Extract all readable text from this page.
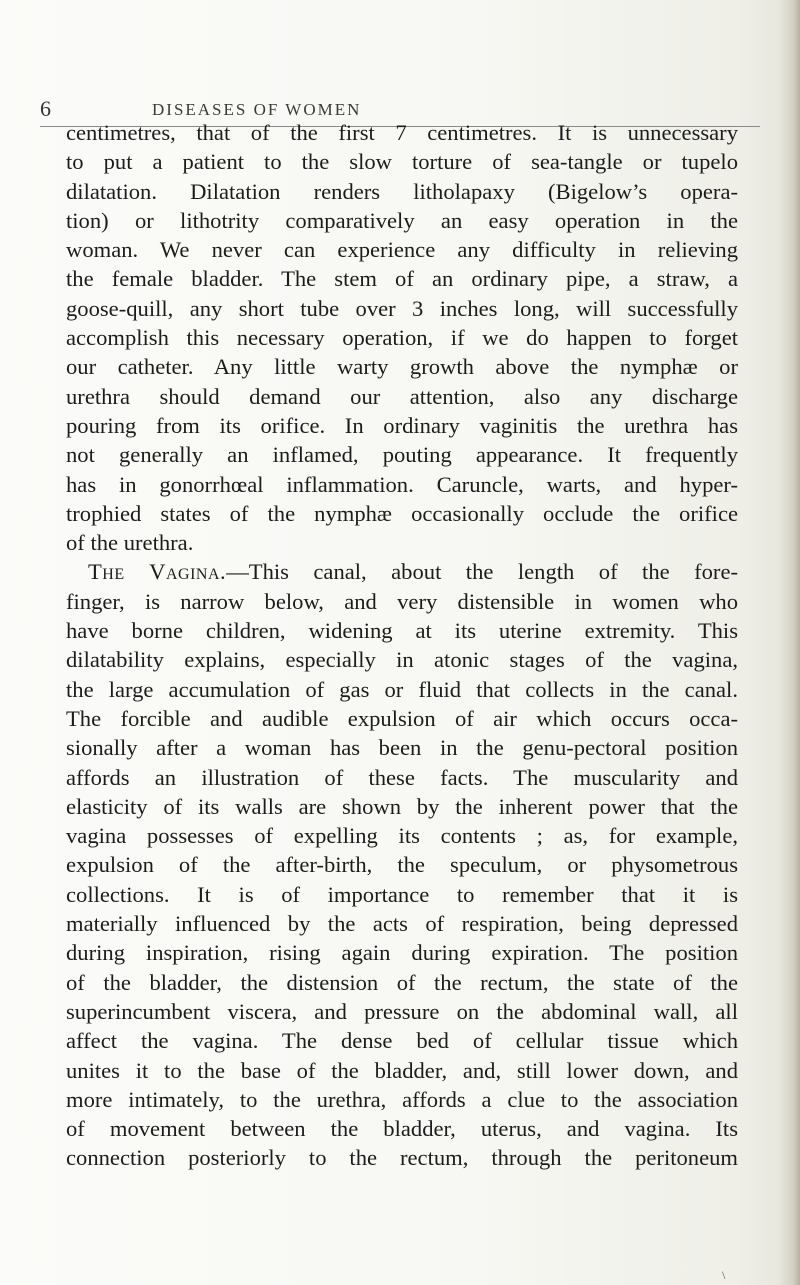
6	DISEASES OF WOMEN
centimetres, that of the first 7 centimetres. It is unnecessary
to put a patient to the slow torture of sea-tangle or tupelo
dilatation. Dilatation renders litholapaxy (Bigelow’s opera-
tion) or lithotrity comparatively an easy operation in the
woman. We never can experience any difficulty in relieving
the female bladder. The stem of an ordinary pipe, a straw, a
goose-quill, any short tube over 3 inches long, will successfully
accomplish this necessary operation, if we do happen to forget
our catheter. Any little warty growth above the nymphæ or
urethra should demand our attention, also any discharge
pouring from its orifice. In ordinary vaginitis the urethra has
not generally an inflamed, pouting appearance. It frequently
has in gonorrhœal inflammation. Caruncle, warts, and hyper-
trophied states of the nymphæ occasionally occlude the orifice
of the urethra.
The Vagina.—This canal, about the length of the fore-
finger, is narrow below, and very distensible in women who
have borne children, widening at its uterine extremity. This
dilatability explains, especially in atonic stages of the vagina,
the large accumulation of gas or fluid that collects in the canal.
The forcible and audible expulsion of air which occurs occa-
sionally after a woman has been in the genu-pectoral position
affords an illustration of these facts. The muscularity and
elasticity of its walls are shown by the inherent power that the
vagina possesses of expelling its contents ; as, for example,
expulsion of the after-birth, the speculum, or physometrous
collections. It is of importance to remember that it is
materially influenced by the acts of respiration, being depressed
during inspiration, rising again during expiration. The position
of the bladder, the distension of the rectum, the state of the
superincumbent viscera, and pressure on the abdominal wall, all
affect the vagina. The dense bed of cellular tissue which
unites it to the base of the bladder, and, still lower down, and
more intimately, to the urethra, affords a clue to the association
of movement between the bladder, uterus, and vagina. Its
connection posteriorly to the rectum, through the peritoneum
\
